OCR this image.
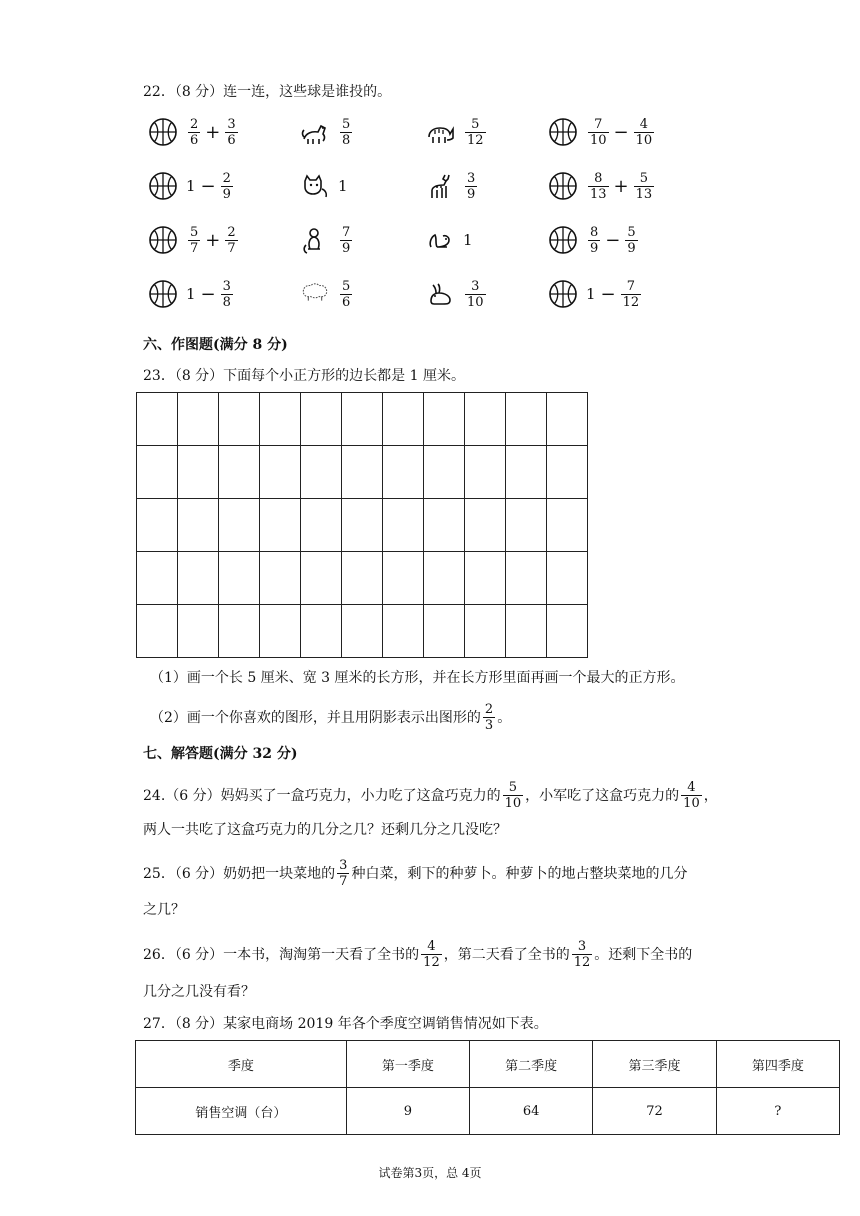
22．（8 分）连一连，这些球是谁投的。
$\frac{2}{6} + \frac{3}{6}$
$1 - \frac{2}{9}$
$\frac{5}{7} + \frac{2}{7}$
$1 - \frac{3}{8}$
$\frac{5}{8}$
1
$\frac{7}{9}$
$\frac{5}{6}$
$\frac{5}{12}$
$\frac{3}{9}$
1
$\frac{3}{10}$
$\frac{7}{10} - \frac{4}{10}$
$\frac{8}{13} + \frac{5}{13}$
$\frac{8}{9} - \frac{5}{9}$
$1 - \frac{7}{12}$
六、作图题(满分 8 分)
23．（8 分）下面每个小正方形的边长都是 1 厘米。

（1）画一个长 5 厘米、宽 3 厘米的长方形，并在长方形里面再画一个最大的正方形。
（2）画一个你喜欢的图形，并且用阴影表示出图形的 $\frac{2}{3}$ 。
七、解答题(满分 32 分)
24.（6 分）妈妈买了一盒巧克力，小力吃了这盒巧克力的 $\frac{5}{10}$ ，小军吃了这盒巧克力的 $\frac{4}{10}$ ，
两人一共吃了这盒巧克力的几分之几？还剩几分之几没吃？
25．（6 分）奶奶把一块菜地的 $\frac{3}{7}$ 种白菜，剩下的种萝卜。种萝卜的地占整块菜地的几分
之几？
26．（6 分）一本书，淘淘第一天看了全书的 $\frac{4}{12}$ ，第二天看了全书的 $\frac{3}{12}$ 。还剩下全书的
几分之几没有看？
27．（8 分）某家电商场 2019 年各个季度空调销售情况如下表。
季度	第一季度	第二季度	第三季度	第四季度
销售空调（台）	9	64	72	?
试卷第3页，总 4页
